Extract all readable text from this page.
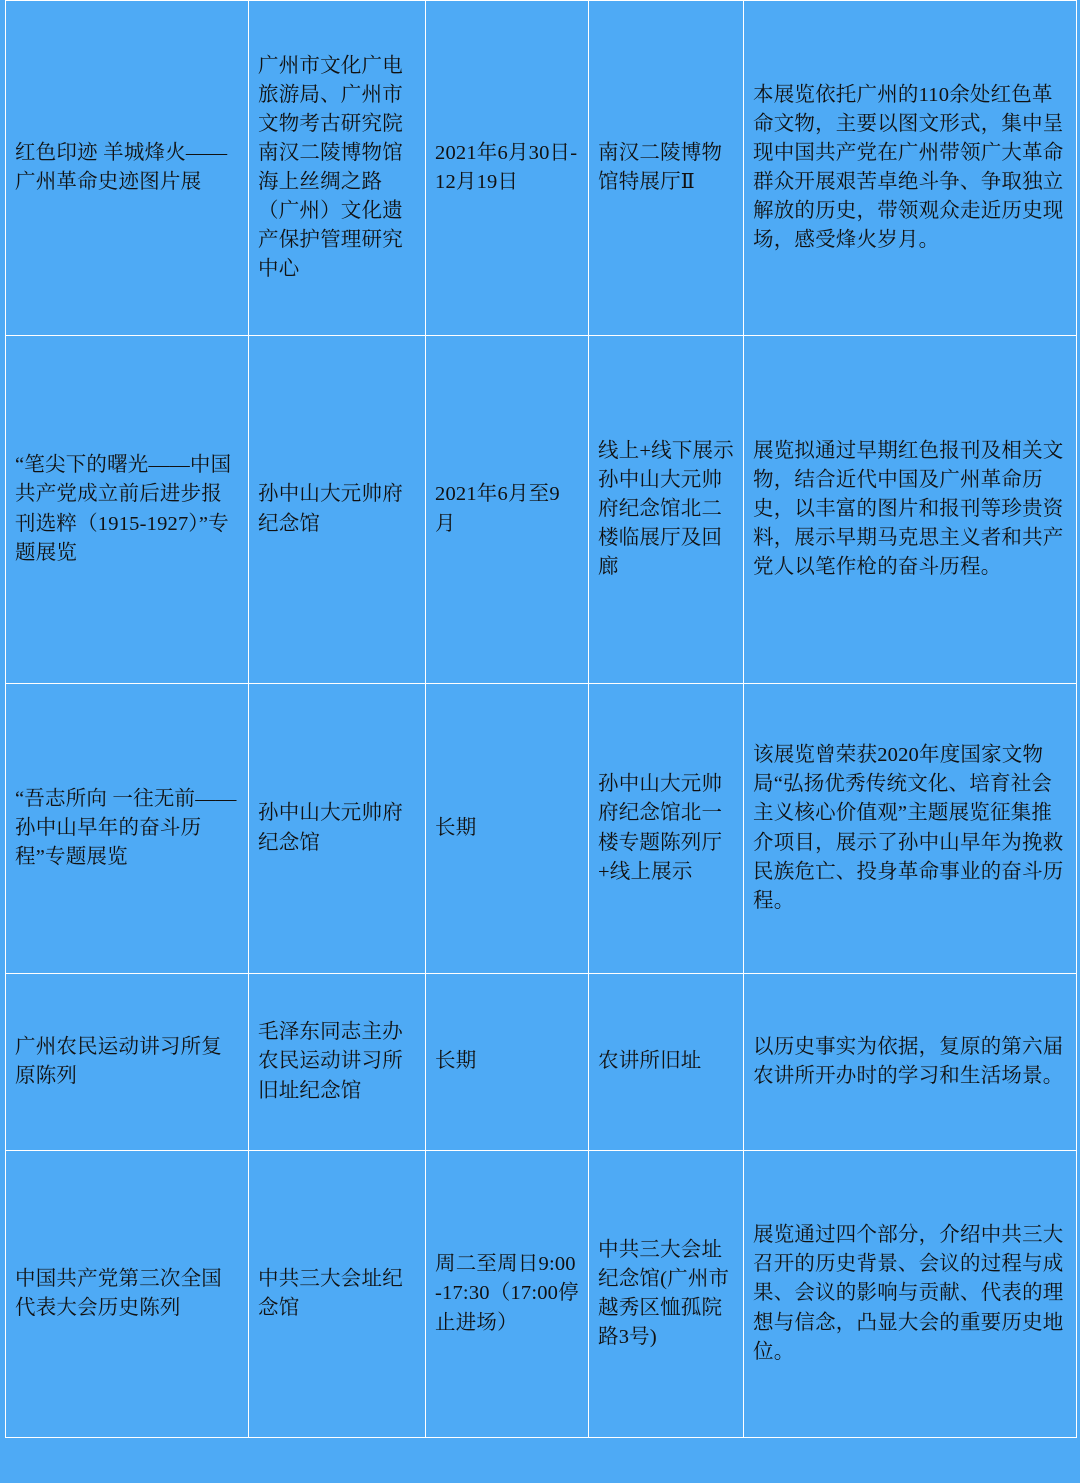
红色印迹 羊城烽火——广州革命史迹图片展	广州市文化广电旅游局、广州市文物考古研究院 南汉二陵博物馆 海上丝绸之路（广州）文化遗产保护管理研究中心	2021年6月30日-12月19日	南汉二陵博物馆特展厅Ⅱ	本展览依托广州的110余处红色革命文物，主要以图文形式，集中呈现中国共产党在广州带领广大革命群众开展艰苦卓绝斗争、争取独立解放的历史，带领观众走近历史现场，感受烽火岁月。

“笔尖下的曙光——中国共产党成立前后进步报刊选粹（1915-1927）”专题展览	孙中山大元帅府纪念馆	2021年6月至9月	线上+线下展示孙中山大元帅府纪念馆北二楼临展厅及回廊	展览拟通过早期红色报刊及相关文物，结合近代中国及广州革命历史，以丰富的图片和报刊等珍贵资料，展示早期马克思主义者和共产党人以笔作枪的奋斗历程。

“吾志所向 一往无前——孙中山早年的奋斗历程”专题展览	孙中山大元帅府纪念馆	长期	孙中山大元帅府纪念馆北一楼专题陈列厅+线上展示	该展览曾荣获2020年度国家文物局“弘扬优秀传统文化、培育社会主义核心价值观”主题展览征集推介项目，展示了孙中山早年为挽救民族危亡、投身革命事业的奋斗历程。

广州农民运动讲习所复原陈列	毛泽东同志主办农民运动讲习所旧址纪念馆	长期	农讲所旧址	以历史事实为依据，复原的第六届农讲所开办时的学习和生活场景。

中国共产党第三次全国代表大会历史陈列	中共三大会址纪念馆	周二至周日9:00-17:30（17:00停止进场）	中共三大会址纪念馆(广州市越秀区恤孤院路3号)	展览通过四个部分，介绍中共三大召开的历史背景、会议的过程与成果、会议的影响与贡献、代表的理想与信念，凸显大会的重要历史地位。
